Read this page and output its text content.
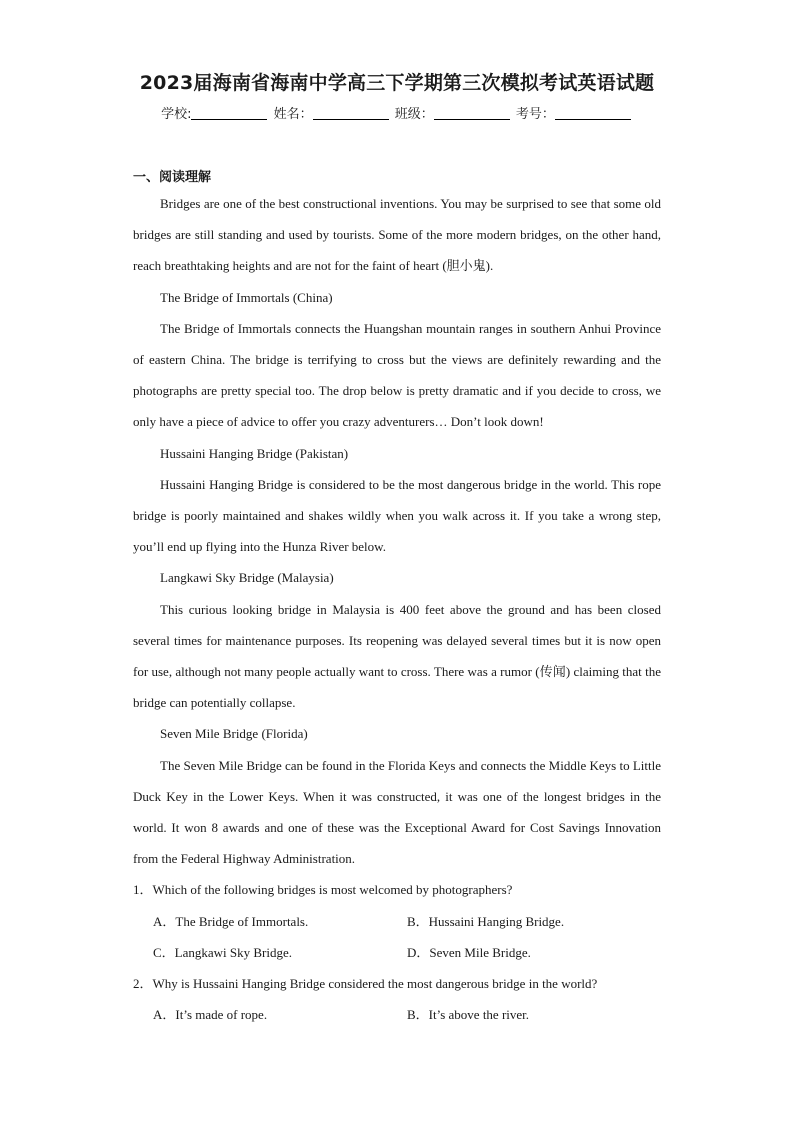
2023届海南省海南中学高三下学期第三次模拟考试英语试题
学校:	姓名：	班级：	考号：
一、阅读理解

Bridges are one of the best constructional inventions. You may be surprised to see that some old bridges are still standing and used by tourists. Some of the more modern bridges, on the other hand, reach breathtaking heights and are not for the faint of heart (胆小鬼).

The Bridge of Immortals (China)

The Bridge of Immortals connects the Huangshan mountain ranges in southern Anhui Province of eastern China. The bridge is terrifying to cross but the views are definitely rewarding and the photographs are pretty special too. The drop below is pretty dramatic and if you decide to cross, we only have a piece of advice to offer you crazy adventurers… Don’t look down!

Hussaini Hanging Bridge (Pakistan)

Hussaini Hanging Bridge is considered to be the most dangerous bridge in the world. This rope bridge is poorly maintained and shakes wildly when you walk across it. If you take a wrong step, you’ll end up flying into the Hunza River below.

Langkawi Sky Bridge (Malaysia)

This curious looking bridge in Malaysia is 400 feet above the ground and has been closed several times for maintenance purposes. Its reopening was delayed several times but it is now open for use, although not many people actually want to cross. There was a rumor (传闻) claiming that the bridge can potentially collapse.

Seven Mile Bridge (Florida)

The Seven Mile Bridge can be found in the Florida Keys and connects the Middle Keys to Little Duck Key in the Lower Keys. When it was constructed, it was one of the longest bridges in the world. It won 8 awards and one of these was the Exceptional Award for Cost Savings Innovation from the Federal Highway Administration.

1．Which of the following bridges is most welcomed by photographers?

A．The Bridge of Immortals.	B．Hussaini Hanging Bridge.
C．Langkawi Sky Bridge.	D．Seven Mile Bridge.

2．Why is Hussaini Hanging Bridge considered the most dangerous bridge in the world?

A．It’s made of rope.	B．It’s above the river.
